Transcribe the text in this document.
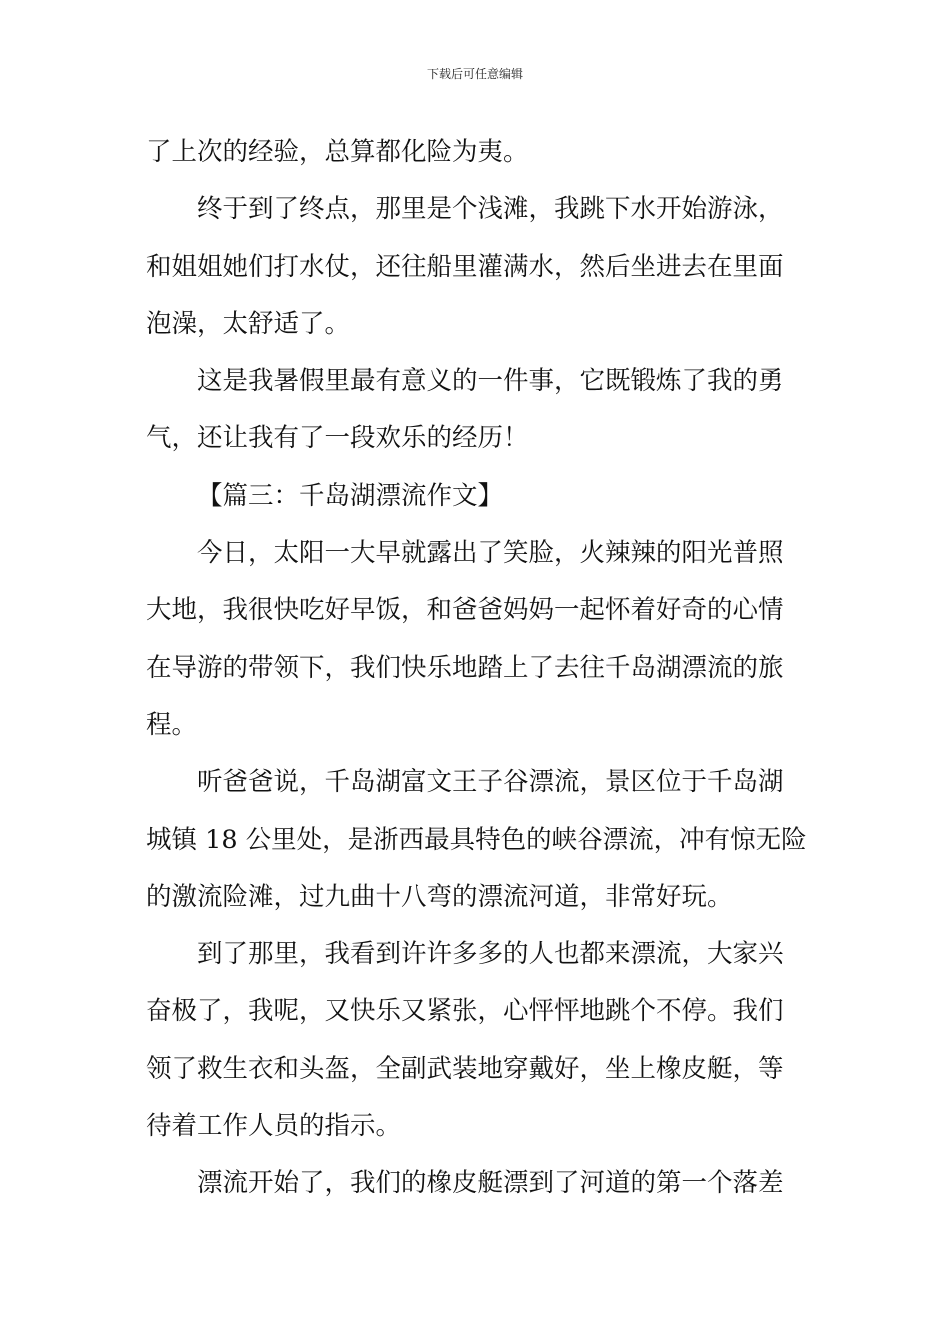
下载后可任意编辑
了上次的经验，总算都化险为夷。
终于到了终点，那里是个浅滩，我跳下水开始游泳，
和姐姐她们打水仗，还往船里灌满水，然后坐进去在里面
泡澡，太舒适了。
这是我暑假里最有意义的一件事，它既锻炼了我的勇
气，还让我有了一段欢乐的经历！
【篇三：千岛湖漂流作文】
今日，太阳一大早就露出了笑脸，火辣辣的阳光普照
大地，我很快吃好早饭，和爸爸妈妈一起怀着好奇的心情
在导游的带领下，我们快乐地踏上了去往千岛湖漂流的旅
程。
听爸爸说，千岛湖富文王子谷漂流，景区位于千岛湖
城镇 18 公里处，是浙西最具特色的峡谷漂流，冲有惊无险
的激流险滩，过九曲十八弯的漂流河道，非常好玩。
到了那里，我看到许许多多的人也都来漂流，大家兴
奋极了，我呢，又快乐又紧张，心怦怦地跳个不停。我们
领了救生衣和头盔，全副武装地穿戴好，坐上橡皮艇，等
待着工作人员的指示。
漂流开始了，我们的橡皮艇漂到了河道的第一个落差
